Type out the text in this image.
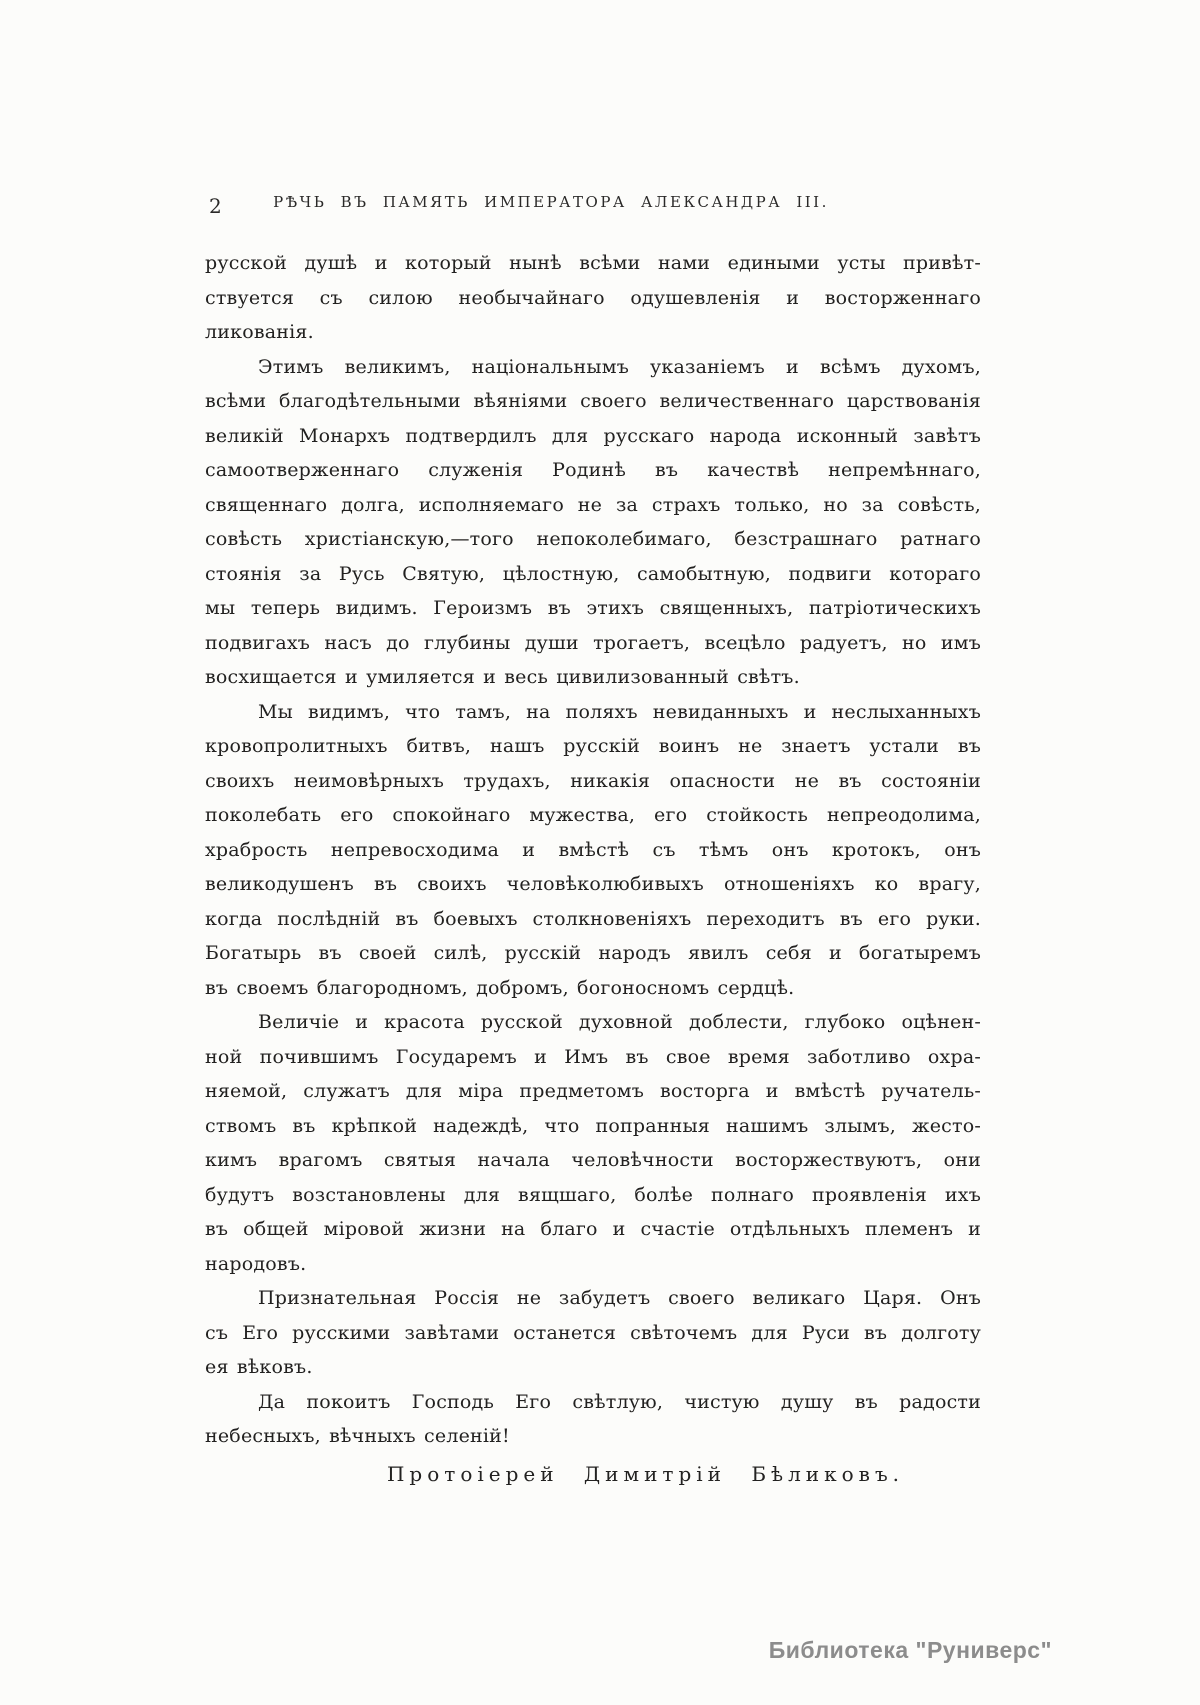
2	РѢЧЬ ВЪ ПАМЯТЬ ИМПЕРАТОРА АЛЕКСАНДРА III.
русской душѣ и который нынѣ всѣми нами едиными усты привѣт-
ствуется съ силою необычайнаго одушевленія и восторженнаго
ликованія.
Этимъ великимъ, національнымъ указаніемъ и всѣмъ духомъ,
всѣми благодѣтельными вѣяніями своего величественнаго царствованія
великій Монархъ подтвердилъ для русскаго народа исконный завѣтъ
самоотверженнаго служенія Родинѣ въ качествѣ непремѣннаго,
священнаго долга, исполняемаго не за страхъ только, но за совѣсть,
совѣсть христіанскую,—того непоколебимаго, безстрашнаго ратнаго
стоянія за Русь Святую, цѣлостную, самобытную, подвиги котораго
мы теперь видимъ. Героизмъ въ этихъ священныхъ, патріотическихъ
подвигахъ насъ до глубины души трогаетъ, всецѣло радуетъ, но имъ
восхищается и умиляется и весь цивилизованный свѣтъ.
Мы видимъ, что тамъ, на поляхъ невиданныхъ и неслыханныхъ
кровопролитныхъ битвъ, нашъ русскій воинъ не знаетъ устали въ
своихъ неимовѣрныхъ трудахъ, никакія опасности не въ состояніи
поколебать его спокойнаго мужества, его стойкость непреодолима,
храбрость непревосходима и вмѣстѣ съ тѣмъ онъ кротокъ, онъ
великодушенъ въ своихъ человѣколюбивыхъ отношеніяхъ ко врагу,
когда послѣдній въ боевыхъ столкновеніяхъ переходитъ въ его руки.
Богатырь въ своей силѣ, русскій народъ явилъ себя и богатыремъ
въ своемъ благородномъ, добромъ, богоносномъ сердцѣ.
Величіе и красота русской духовной доблести, глубоко оцѣнен-
ной почившимъ Государемъ и Имъ въ свое время заботливо охра-
няемой, служатъ для міра предметомъ восторга и вмѣстѣ ручатель-
ствомъ въ крѣпкой надеждѣ, что попранныя нашимъ злымъ, жесто-
кимъ врагомъ святыя начала человѣчности восторжествуютъ, они
будутъ возстановлены для вящшаго, болѣе полнаго проявленія ихъ
въ общей міровой жизни на благо и счастіе отдѣльныхъ племенъ и
народовъ.
Признательная Россія не забудетъ своего великаго Царя. Онъ
съ Его русскими завѣтами останется свѣточемъ для Руси въ долготу
ея вѣковъ.
Да покоитъ Господь Его свѣтлую, чистую душу въ радости
небесныхъ, вѣчныхъ селеній!
Протоіерей Димитрій Бѣликовъ.
Библиотека "Руниверс"
